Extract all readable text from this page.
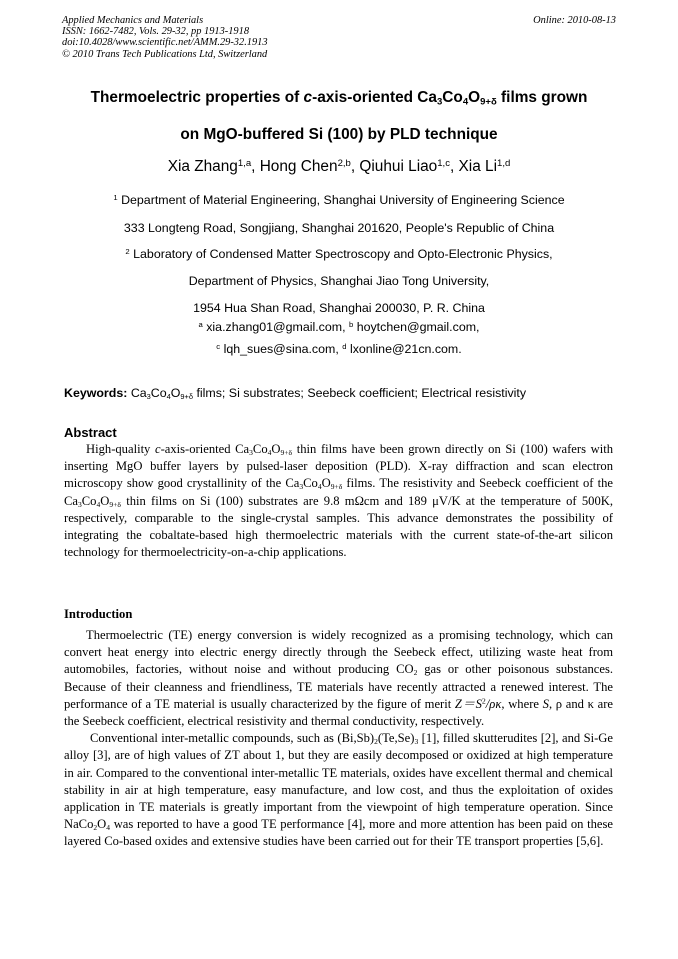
Applied Mechanics and Materials
ISSN: 1662-7482, Vols. 29-32, pp 1913-1918
doi:10.4028/www.scientific.net/AMM.29-32.1913
© 2010 Trans Tech Publications Ltd, Switzerland
Online: 2010-08-13
Thermoelectric properties of c-axis-oriented $Ca_3Co_4O_{9+\delta}$ films grown
on MgO-buffered Si (100) by PLD technique
Xia Zhang$^{1,a}$, Hong Chen$^{2,b}$, Qiuhui Liao$^{1,c}$, Xia Li$^{1,d}$
$^1$ Department of Material Engineering, Shanghai University of Engineering Science
333 Longteng Road, Songjiang, Shanghai 201620, People's Republic of China
$^2$ Laboratory of Condensed Matter Spectroscopy and Opto-Electronic Physics,
Department of Physics, Shanghai Jiao Tong University,
1954 Hua Shan Road, Shanghai 200030, P. R. China
$^a$ xia.zhang01@gmail.com, $^b$ hoytchen@gmail.com,
$^c$ lqh_sues@sina.com, $^d$ lxonline@21cn.com.
Keywords: $Ca_3Co_4O_{9+\delta}$ films; Si substrates; Seebeck coefficient; Electrical resistivity
Abstract

High-quality c-axis-oriented $Ca_3Co_4O_{9+\delta}$ thin films have been grown directly on Si (100) wafers with inserting MgO buffer layers by pulsed-laser deposition (PLD). X-ray diffraction and scan electron microscopy show good crystallinity of the $Ca_3Co_4O_{9+\delta}$ films. The resistivity and Seebeck coefficient of the $Ca_3Co_4O_{9+\delta}$ thin films on Si (100) substrates are 9.8 mΩcm and 189 μV/K at the temperature of 500K, respectively, comparable to the single-crystal samples. This advance demonstrates the possibility of integrating the cobaltate-based high thermoelectric materials with the current state-of-the-art silicon technology for thermoelectricity-on-a-chip applications.

Introduction

Thermoelectric (TE) energy conversion is widely recognized as a promising technology, which can convert heat energy into electric energy directly through the Seebeck effect, utilizing waste heat from automobiles, factories, without noise and without producing $CO_2$ gas or other poisonous substances. Because of their cleanness and friendliness, TE materials have recently attracted a renewed interest. The performance of a TE material is usually characterized by the figure of merit $Z=S^2/\rho\kappa$, where S, ρ and κ are the Seebeck coefficient, electrical resistivity and thermal conductivity, respectively.

Conventional inter-metallic compounds, such as $(Bi,Sb)_2(Te,Se)_3$ [1], filled skutterudites [2], and Si-Ge alloy [3], are of high values of ZT about 1, but they are easily decomposed or oxidized at high temperature in air. Compared to the conventional inter-metallic TE materials, oxides have excellent thermal and chemical stability in air at high temperature, easy manufacture, and low cost, and thus the exploitation of oxides application in TE materials is greatly important from the viewpoint of high temperature operation. Since $NaCo_2O_4$ was reported to have a good TE performance [4], more and more attention has been paid on these layered Co-based oxides and extensive studies have been carried out for their TE transport properties [5,6].
